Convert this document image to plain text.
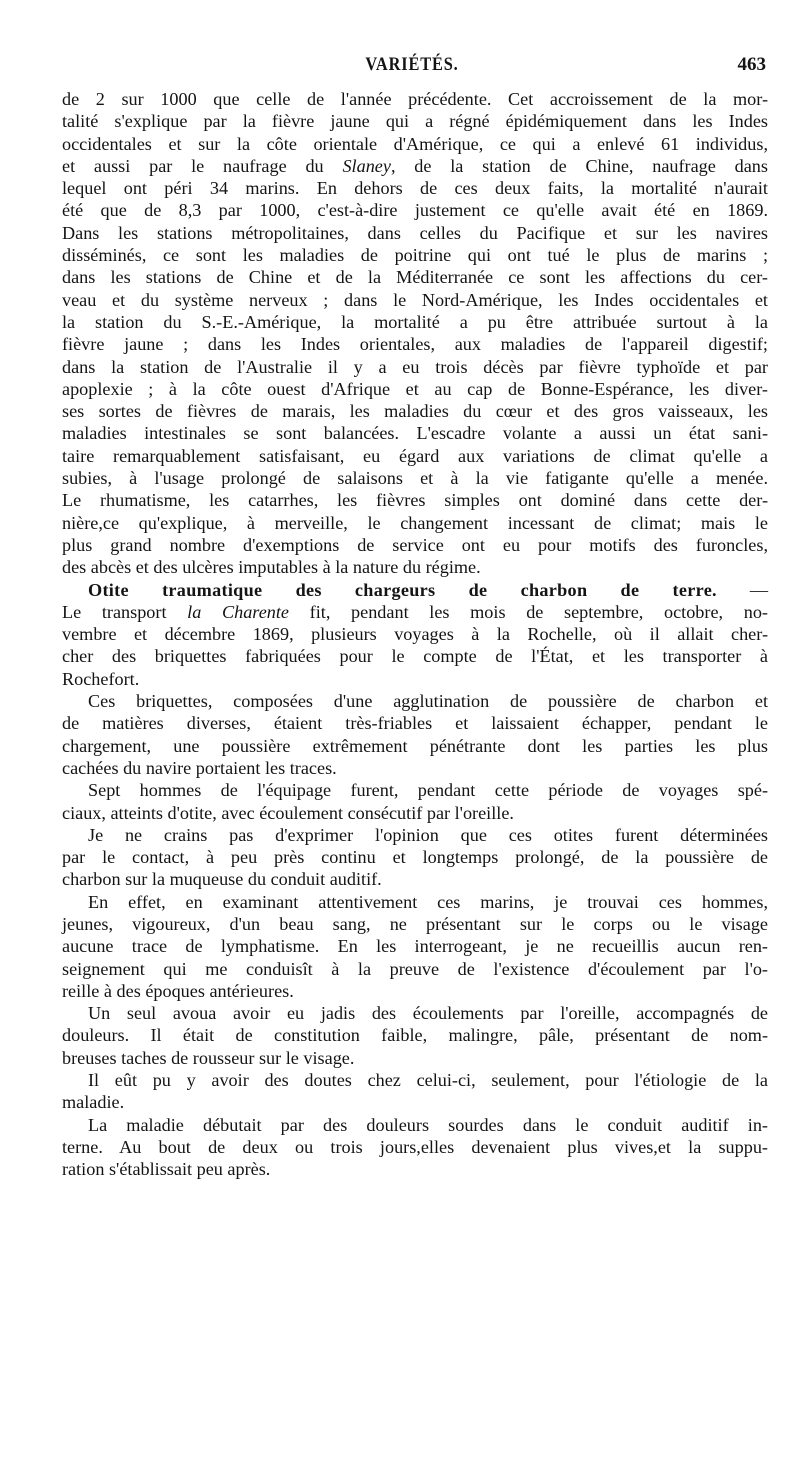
VARIÉTÉS.	463
de 2 sur 1000 que celle de l'année précédente. Cet accroissement de la mor-
talité s'explique par la fièvre jaune qui a régné épidémiquement dans les Indes
occidentales et sur la côte orientale d'Amérique, ce qui a enlevé 61 individus,
et aussi par le naufrage du Slaney, de la station de Chine, naufrage dans
lequel ont péri 34 marins. En dehors de ces deux faits, la mortalité n'aurait
été que de 8,3 par 1000, c'est-à-dire justement ce qu'elle avait été en 1869.
Dans les stations métropolitaines, dans celles du Pacifique et sur les navires
disséminés, ce sont les maladies de poitrine qui ont tué le plus de marins ;
dans les stations de Chine et de la Méditerranée ce sont les affections du cer-
veau et du système nerveux ; dans le Nord-Amérique, les Indes occidentales et
la station du S.-E.-Amérique, la mortalité a pu être attribuée surtout à la
fièvre jaune ; dans les Indes orientales, aux maladies de l'appareil digestif;
dans la station de l'Australie il y a eu trois décès par fièvre typhoïde et par
apoplexie ; à la côte ouest d'Afrique et au cap de Bonne-Espérance, les diver-
ses sortes de fièvres de marais, les maladies du cœur et des gros vaisseaux, les
maladies intestinales se sont balancées. L'escadre volante a aussi un état sani-
taire remarquablement satisfaisant, eu égard aux variations de climat qu'elle a
subies, à l'usage prolongé de salaisons et à la vie fatigante qu'elle a menée.
Le rhumatisme, les catarrhes, les fièvres simples ont dominé dans cette der-
nière,ce qu'explique, à merveille, le changement incessant de climat; mais le
plus grand nombre d'exemptions de service ont eu pour motifs des furoncles,
des abcès et des ulcères imputables à la nature du régime.
Otite traumatique des chargeurs de charbon de terre. —
Le transport la Charente fit, pendant les mois de septembre, octobre, no-
vembre et décembre 1869, plusieurs voyages à la Rochelle, où il allait cher-
cher des briquettes fabriquées pour le compte de l'État, et les transporter à
Rochefort.
Ces briquettes, composées d'une agglutination de poussière de charbon et
de matières diverses, étaient très-friables et laissaient échapper, pendant le
chargement, une poussière extrêmement pénétrante dont les parties les plus
cachées du navire portaient les traces.
Sept hommes de l'équipage furent, pendant cette période de voyages spé-
ciaux, atteints d'otite, avec écoulement consécutif par l'oreille.
Je ne crains pas d'exprimer l'opinion que ces otites furent déterminées
par le contact, à peu près continu et longtemps prolongé, de la poussière de
charbon sur la muqueuse du conduit auditif.
En effet, en examinant attentivement ces marins, je trouvai ces hommes,
jeunes, vigoureux, d'un beau sang, ne présentant sur le corps ou le visage
aucune trace de lymphatisme. En les interrogeant, je ne recueillis aucun ren-
seignement qui me conduisît à la preuve de l'existence d'écoulement par l'o-
reille à des époques antérieures.
Un seul avoua avoir eu jadis des écoulements par l'oreille, accompagnés de
douleurs. Il était de constitution faible, malingre, pâle, présentant de nom-
breuses taches de rousseur sur le visage.
Il eût pu y avoir des doutes chez celui-ci, seulement, pour l'étiologie de la
maladie.
La maladie débutait par des douleurs sourdes dans le conduit auditif in-
terne. Au bout de deux ou trois jours,elles devenaient plus vives,et la suppu-
ration s'établissait peu après.
